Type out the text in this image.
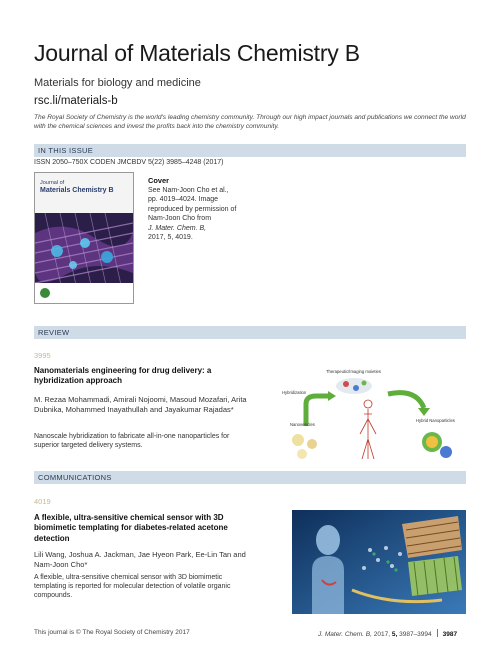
Journal of Materials Chemistry B
Materials for biology and medicine
rsc.li/materials-b
The Royal Society of Chemistry is the world's leading chemistry community. Through our high impact journals and publications we connect the world with the chemical sciences and invest the profits back into the chemistry community.
IN THIS ISSUE
ISSN 2050–750X CODEN JMCBDV 5(22) 3985–4248 (2017)
Journal of
Materials Chemistry B
Cover
See Nam-Joon Cho et al., pp. 4019–4024. Image reproduced by permission of Nam-Joon Cho from
J. Mater. Chem. B,
2017, 5, 4019.
REVIEW
3995
Nanomaterials engineering for drug delivery: a hybridization approach
M. Rezaa Mohammadi, Amirali Nojoomi, Masoud Mozafari, Arita Dubnika, Mohammed Inayathullah and Jayakumar Rajadas*
Nanoscale hybridization to fabricate all-in-one nanoparticles for superior targeted delivery systems.
Therapeutic/Imaging moieties
Hybridization
Nanovesicles
Hybrid Nanoparticles
COMMUNICATIONS
4019
A flexible, ultra-sensitive chemical sensor with 3D biomimetic templating for diabetes-related acetone detection
Lili Wang, Joshua A. Jackman, Jae Hyeon Park, Ee-Lin Tan and Nam-Joon Cho*
A flexible, ultra-sensitive chemical sensor with 3D biomimetic templating is reported for molecular detection of volatile organic compounds.
This journal is © The Royal Society of Chemistry 2017	J. Mater. Chem. B, 2017, 5, 3987–3994 3987
